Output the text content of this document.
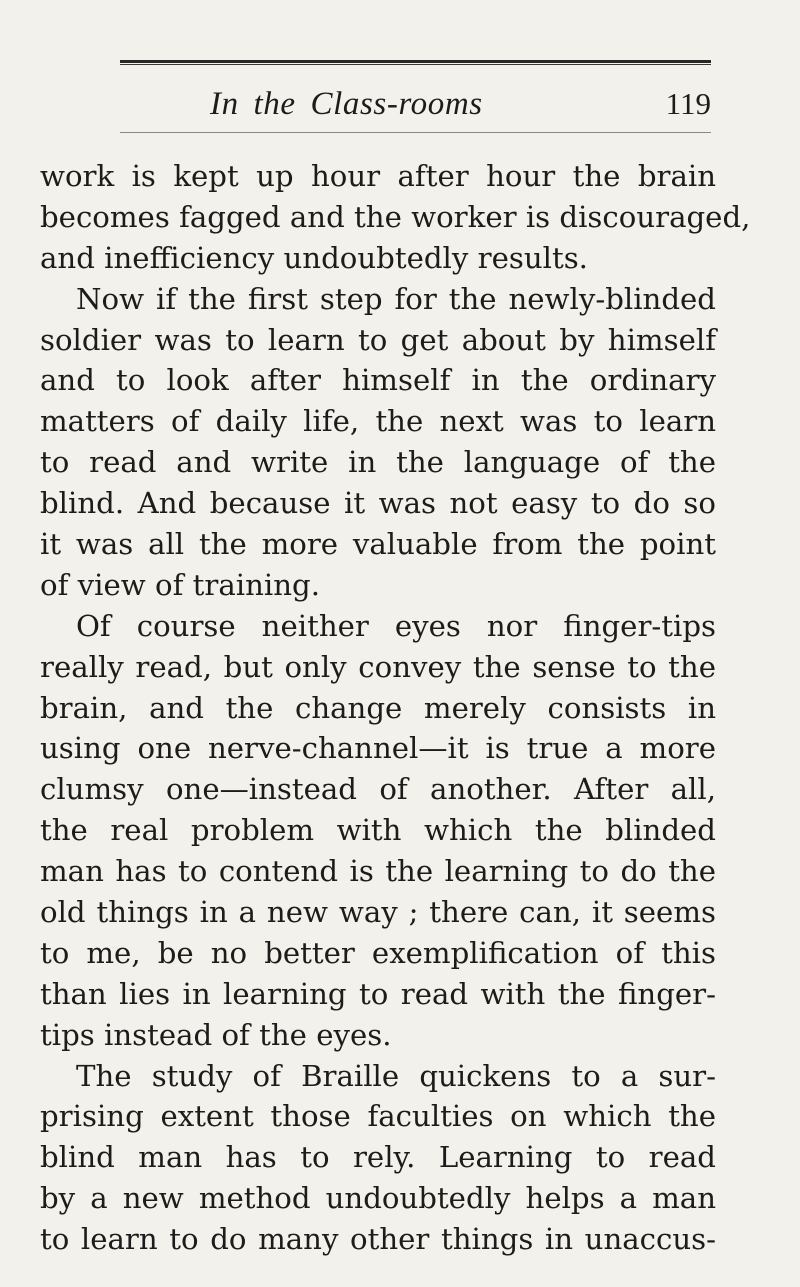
In the Class-rooms	119
work is kept up hour after hour the brain
becomes fagged and the worker is discouraged,
and inefficiency undoubtedly results.
Now if the first step for the newly-blinded
soldier was to learn to get about by himself
and to look after himself in the ordinary
matters of daily life, the next was to learn
to read and write in the language of the
blind. And because it was not easy to do so
it was all the more valuable from the point
of view of training.
Of course neither eyes nor finger-tips
really read, but only convey the sense to the
brain, and the change merely consists in
using one nerve-channel—it is true a more
clumsy one—instead of another. After all,
the real problem with which the blinded
man has to contend is the learning to do the
old things in a new way ; there can, it seems
to me, be no better exemplification of this
than lies in learning to read with the finger-
tips instead of the eyes.
The study of Braille quickens to a sur-
prising extent those faculties on which the
blind man has to rely. Learning to read
by a new method undoubtedly helps a man
to learn to do many other things in unaccus-
